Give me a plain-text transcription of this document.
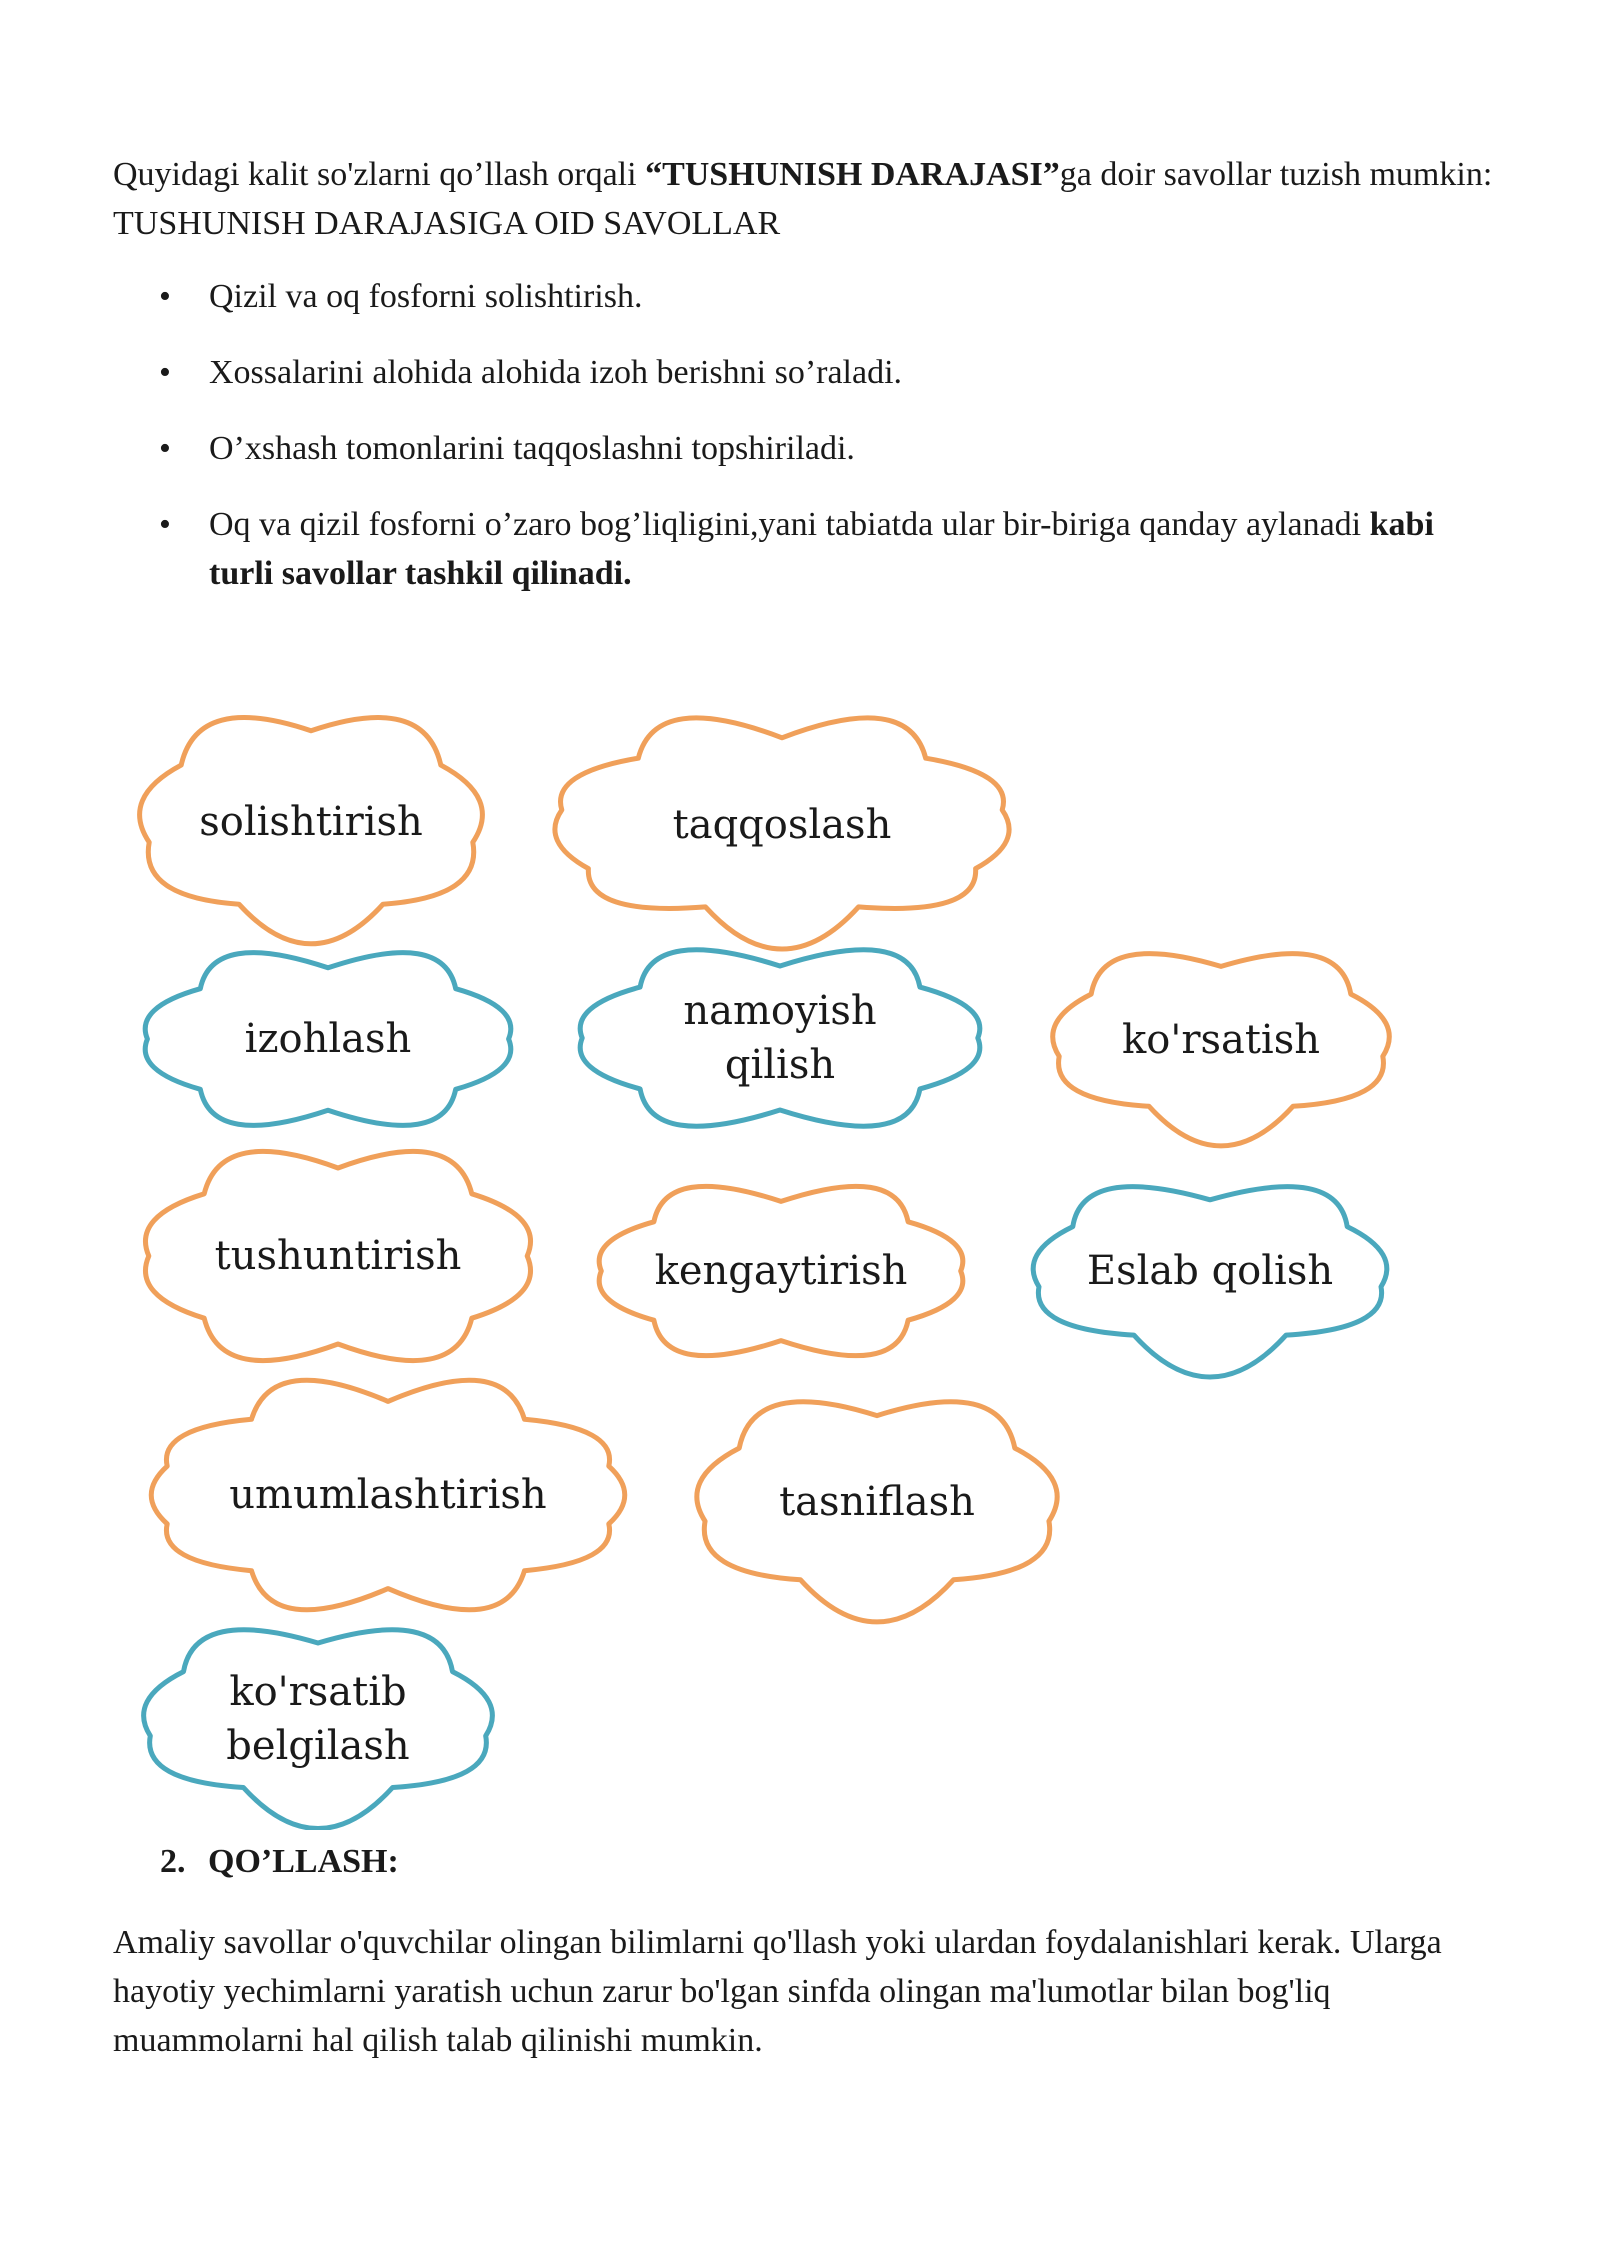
Quyidagi kalit so'zlarni qo’llash orqali “TUSHUNISH DARAJASI”ga doir savollar tuzish mumkin: TUSHUNISH DARAJASIGA OID SAVOLLAR

• Qizil va oq fosforni solishtirish.
• Xossalarini alohida alohida izoh berishni so’raladi.
• O’xshash tomonlarini taqqoslashni topshiriladi.
• Oq va qizil fosforni o’zaro bog’liqligini,yani tabiatda ular bir-biriga qanday aylanadi kabi turli savollar tashkil qilinadi.
solishtirish	taqqoslash
izohlash
namoyish
qilish
ko'rsatish
tushuntirish	kengaytirish	Eslab qolish
umumlashtirish	tasniflash
ko'rsatib
belgilash

2. QO’LLASH:

Amaliy savollar o'quvchilar olingan bilimlarni qo'llash yoki ulardan foydalanishlari kerak. Ularga hayotiy yechimlarni yaratish uchun zarur bo'lgan sinfda olingan ma'lumotlar bilan bog'liq muammolarni hal qilish talab qilinishi mumkin.
